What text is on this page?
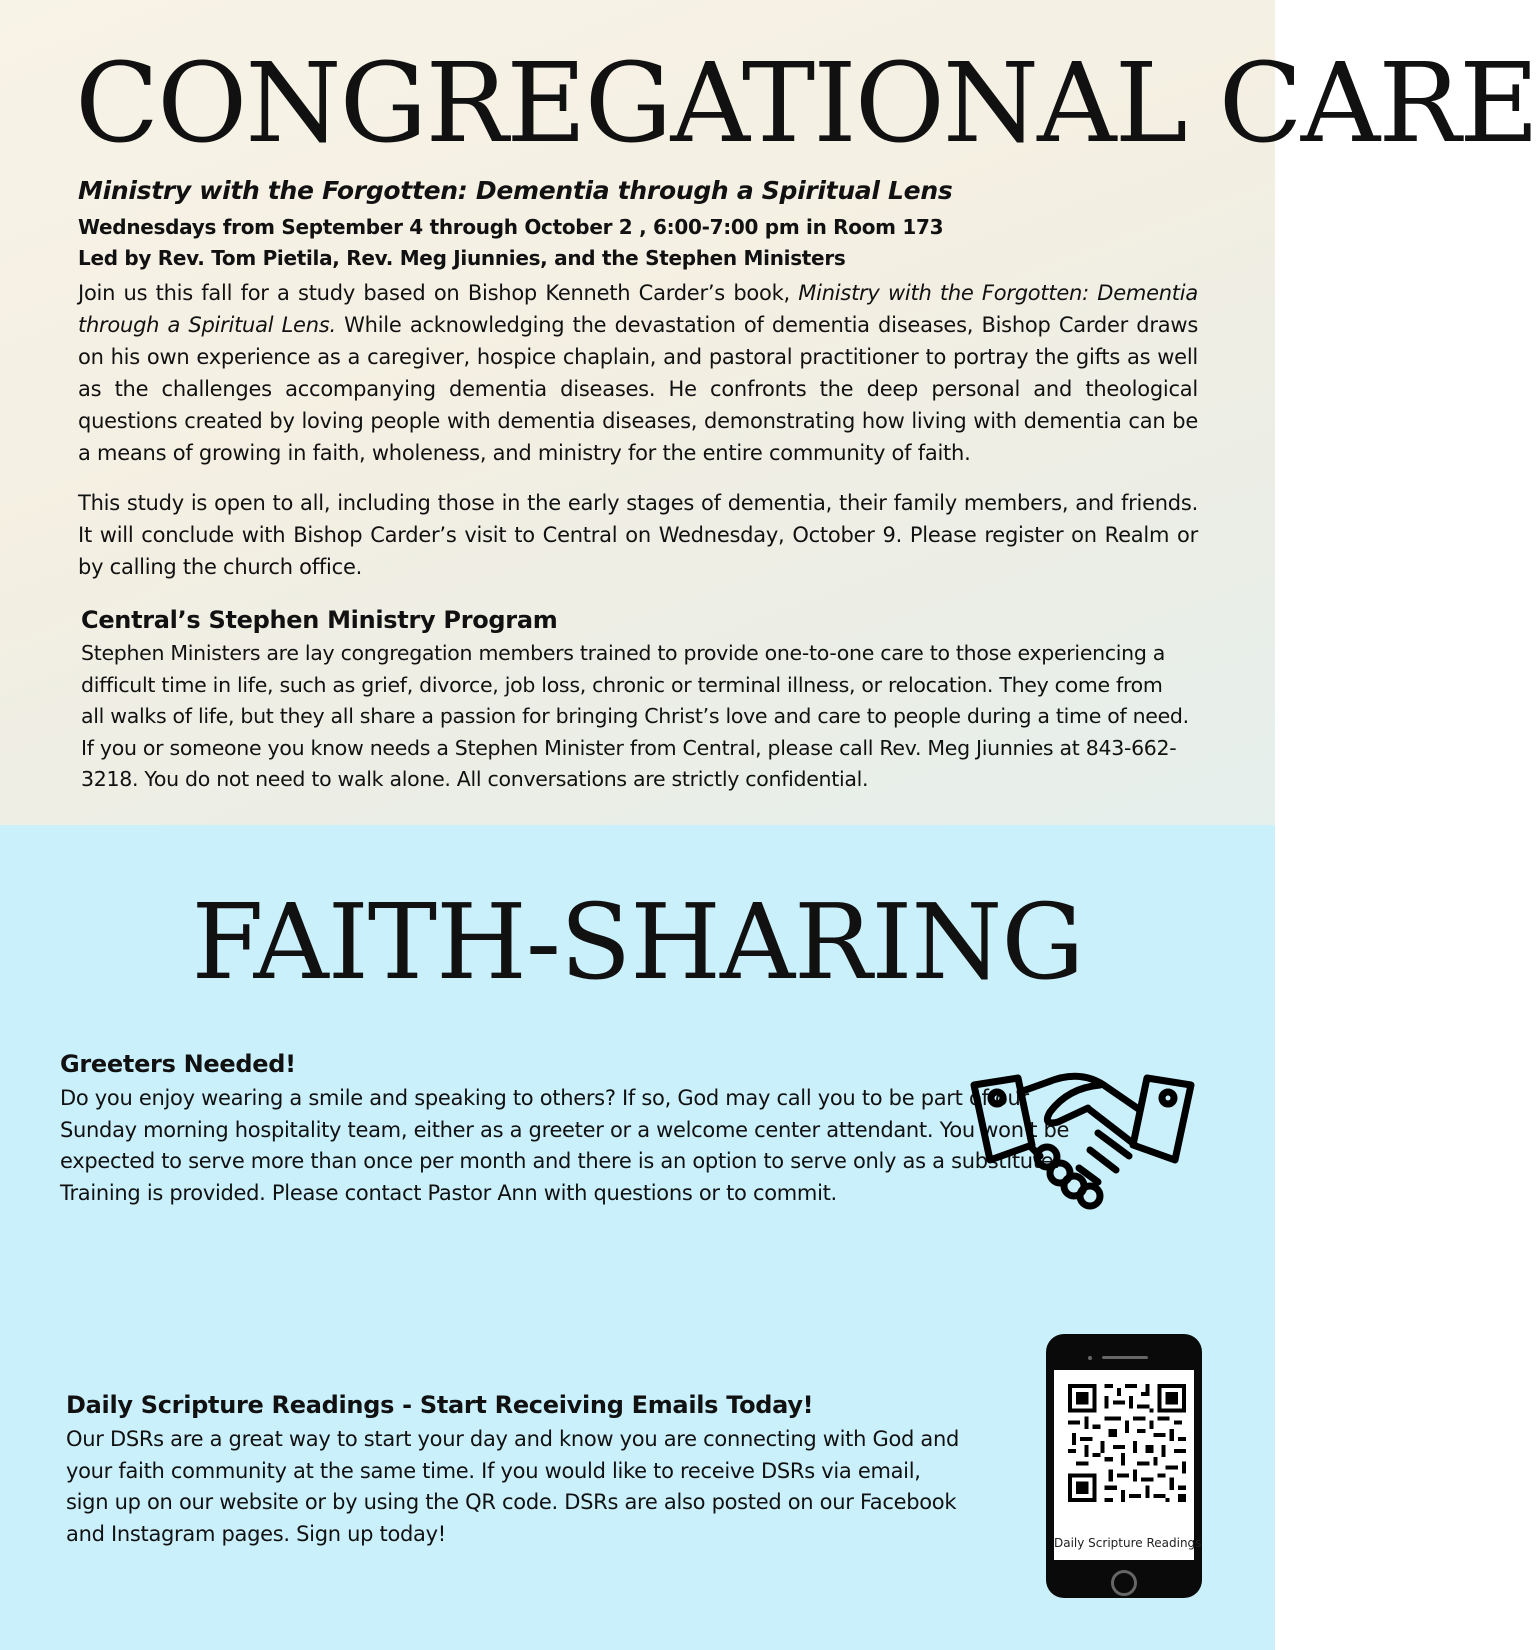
CONGREGATIONAL CARE
Ministry with the Forgotten: Dementia through a Spiritual Lens
Wednesdays from September 4 through October 2 , 6:00-7:00 pm in Room 173
Led by Rev. Tom Pietila, Rev. Meg Jiunnies, and the Stephen Ministers

Join us this fall for a study based on Bishop Kenneth Carder’s book, Ministry with the Forgotten: Dementia through a Spiritual Lens. While acknowledging the devastation of dementia diseases, Bishop Carder draws on his own experience as a caregiver, hospice chaplain, and pastoral practitioner to portray the gifts as well as the challenges accompanying dementia diseases. He confronts the deep personal and theological questions created by loving people with dementia diseases, demonstrating how living with dementia can be a means of growing in faith, wholeness, and ministry for the entire community of faith.

This study is open to all, including those in the early stages of dementia, their family members, and friends. It will conclude with Bishop Carder’s visit to Central on Wednesday, October 9. Please register on Realm or by calling the church office.

Central’s Stephen Ministry Program

Stephen Ministers are lay congregation members trained to provide one-to-one care to those experiencing a difficult time in life, such as grief, divorce, job loss, chronic or terminal illness, or relocation. They come from all walks of life, but they all share a passion for bringing Christ’s love and care to people during a time of need. If you or someone you know needs a Stephen Minister from Central, please call Rev. Meg Jiunnies at 843-662-3218. You do not need to walk alone. All conversations are strictly confidential.

FAITH-SHARING
Greeters Needed!

Do you enjoy wearing a smile and speaking to others? If so, God may call you to be part of our Sunday morning hospitality team, either as a greeter or a welcome center attendant. You won't be expected to serve more than once per month and there is an option to serve only as a substitute. Training is provided. Please contact Pastor Ann with questions or to commit.

Daily Scripture Readings - Start Receiving Emails Today!

Our DSRs are a great way to start your day and know you are connecting with God and your faith community at the same time. If you would like to receive DSRs via email, sign up on our website or by using the QR code. DSRs are also posted on our Facebook and Instagram pages. Sign up today!	Daily Scripture Readings
